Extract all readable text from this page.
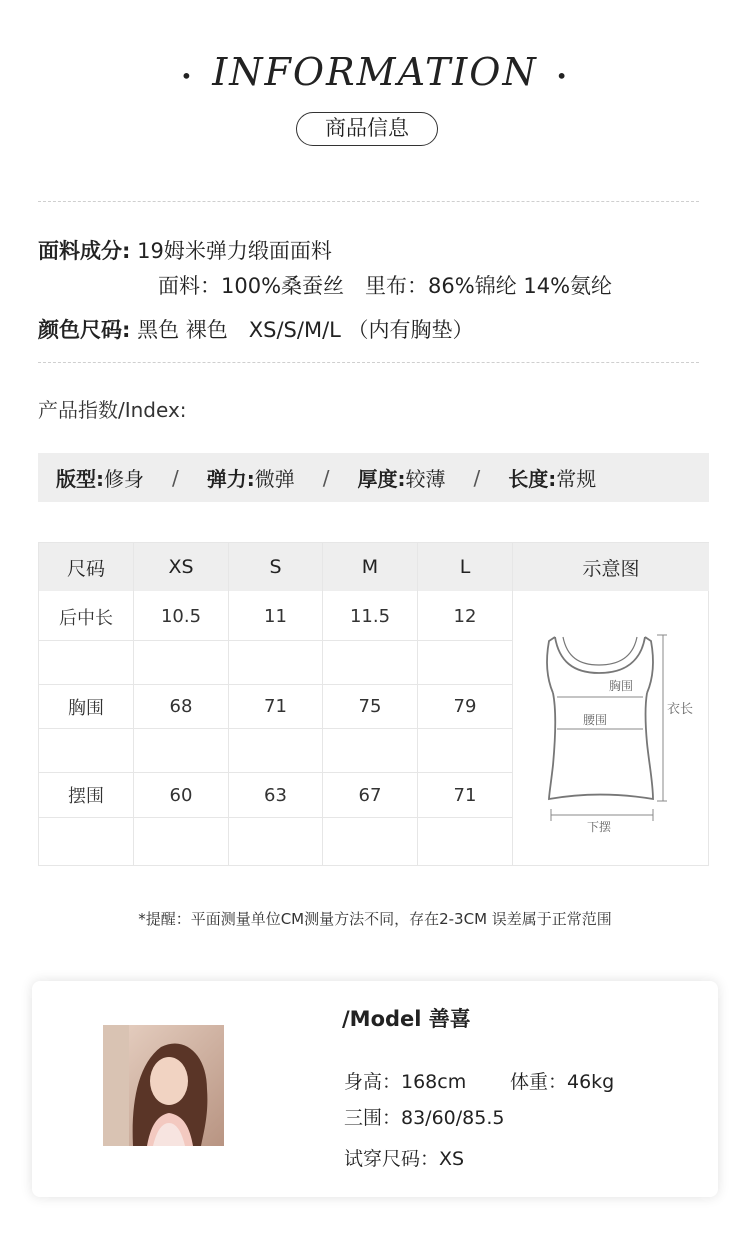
• INFORMATION •
商品信息
面料成分: 19姆米弹力缎面面料
面料：100%桑蚕丝　里布：86%锦纶 14%氨纶
颜色尺码: 黑色 裸色　XS/S/M/L （内有胸垫）
产品指数/Index:
版型: 修身 / 弹力: 微弹 / 厚度: 较薄 / 长度: 常规
尺码	XS	S	M	L	示意图
后中长	10.5	11	11.5	12
胸围	68	71	75	79
摆围	60	63	67	71
胸围
腰围
衣长
下摆
*提醒：平面测量单位CM测量方法不同，存在2-3CM 误差属于正常范围
/Model 善喜
身高：168cm 体重：46kg
三围：83/60/85.5
试穿尺码：XS
